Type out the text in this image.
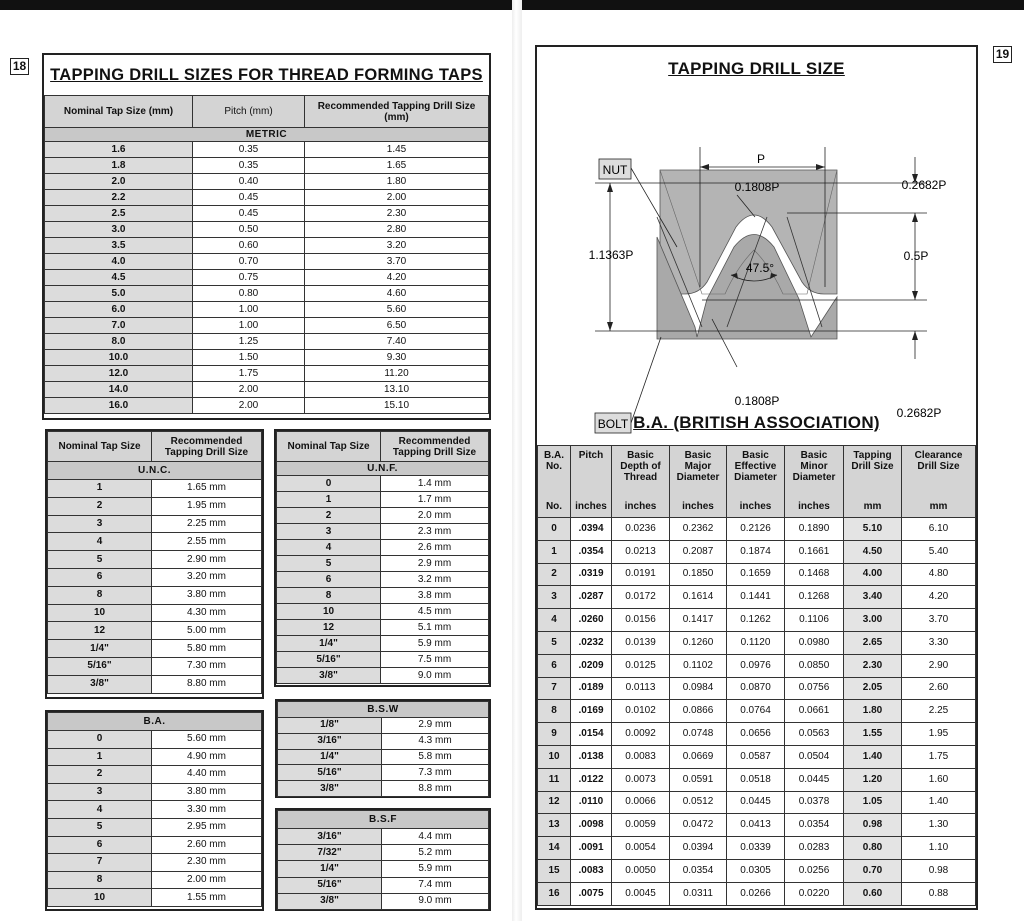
18	TAPPING DRILL SIZES FOR THREAD FORMING TAPS
Nominal Tap Size (mm)	Pitch (mm)	Recommended Tapping Drill Size (mm)
METRIC		
1.6	0.35	1.45
1.8	0.35	1.65
2.0	0.40	1.80
2.2	0.45	2.00
2.5	0.45	2.30
3.0	0.50	2.80
3.5	0.60	3.20
4.0	0.70	3.70
4.5	0.75	4.20
5.0	0.80	4.60
6.0	1.00	5.60
7.0	1.00	6.50
8.0	1.25	7.40
10.0	1.50	9.30
12.0	1.75	11.20
14.0	2.00	13.10
16.0	2.00	15.10
Nominal Tap Size	Recommended Tapping Drill Size
U.N.C.	
1	1.65 mm
2	1.95 mm
3	2.25 mm
4	2.55 mm
5	2.90 mm
6	3.20 mm
8	3.80 mm
10	4.30 mm
12	5.00 mm
1/4"	5.80 mm
5/16"	7.30 mm
3/8"	8.80 mm
Nominal Tap Size	Recommended Tapping Drill Size
U.N.F.	
0	1.4 mm
1	1.7 mm
2	2.0 mm
3	2.3 mm
4	2.6 mm
5	2.9 mm
6	3.2 mm
8	3.8 mm
10	4.5 mm
12	5.1 mm
1/4"	5.9 mm
5/16"	7.5 mm
3/8"	9.0 mm
B.A.	
0	5.60 mm
1	4.90 mm
2	4.40 mm
3	3.80 mm
4	3.30 mm
5	2.95 mm
6	2.60 mm
7	2.30 mm
8	2.00 mm
10	1.55 mm
B.S.W	
1/8"	2.9 mm
3/16"	4.3 mm
1/4"	5.8 mm
5/16"	7.3 mm
3/8"	8.8 mm
B.S.F	
3/16"	4.4 mm
7/32"	5.2 mm
1/4"	5.9 mm
5/16"	7.4 mm
3/8"	9.0 mm
19
TAPPING DRILL SIZE
NUT
BOLT
P
0.1808P
0.1808P
0.2682P
0.2682P
1.1363P	0.5P
47.5°
B.A. (BRITISH ASSOCIATION)
B.A. No.	Pitch	Basic Depth of Thread	Basic Major Diameter	Basic Effective Diameter	Basic Minor Diameter	Tapping Drill Size	Clearance Drill Size
No.	inches	inches	inches	inches	inches	mm	mm
0	.0394	0.0236	0.2362	0.2126	0.1890	5.10	6.10
1	.0354	0.0213	0.2087	0.1874	0.1661	4.50	5.40
2	.0319	0.0191	0.1850	0.1659	0.1468	4.00	4.80
3	.0287	0.0172	0.1614	0.1441	0.1268	3.40	4.20
4	.0260	0.0156	0.1417	0.1262	0.1106	3.00	3.70
5	.0232	0.0139	0.1260	0.1120	0.0980	2.65	3.30
6	.0209	0.0125	0.1102	0.0976	0.0850	2.30	2.90
7	.0189	0.0113	0.0984	0.0870	0.0756	2.05	2.60
8	.0169	0.0102	0.0866	0.0764	0.0661	1.80	2.25
9	.0154	0.0092	0.0748	0.0656	0.0563	1.55	1.95
10	.0138	0.0083	0.0669	0.0587	0.0504	1.40	1.75
11	.0122	0.0073	0.0591	0.0518	0.0445	1.20	1.60
12	.0110	0.0066	0.0512	0.0445	0.0378	1.05	1.40
13	.0098	0.0059	0.0472	0.0413	0.0354	0.98	1.30
14	.0091	0.0054	0.0394	0.0339	0.0283	0.80	1.10
15	.0083	0.0050	0.0354	0.0305	0.0256	0.70	0.98
16	.0075	0.0045	0.0311	0.0266	0.0220	0.60	0.88
